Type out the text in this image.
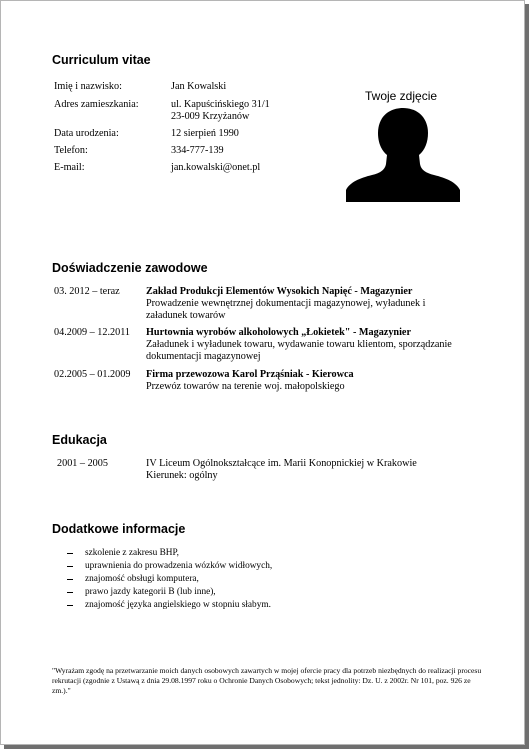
Curriculum vitae
Imię i nazwisko:	Jan Kowalski
Adres zamieszkania:	ul. Kapuścińskiego 31/1
23-009 Krzyżanów
Data urodzenia:	12 sierpień 1990
Telefon:	334-777-139
E-mail:	jan.kowalski@onet.pl
Twoje zdjęcie
Doświadczenie zawodowe
03. 2012 – teraz	Zakład Produkcji Elementów Wysokich Napięć - Magazynier
Prowadzenie wewnętrznej dokumentacji magazynowej, wyładunek i
załadunek towarów
04.2009 – 12.2011 Hurtownia wyrobów alkoholowych „Łokietek" - Magazynier
Załadunek i wyładunek towaru, wydawanie towaru klientom, sporządzanie
dokumentacji magazynowej
02.2005 – 01.2009 Firma przewozowa Karol Prząśniak - Kierowca
Przewóz towarów na terenie woj. małopolskiego
Edukacja
2001 – 2005	IV Liceum Ogólnokształcące im. Marii Konopnickiej w Krakowie
Kierunek: ogólny
Dodatkowe informacje
szkolenie z zakresu BHP,
uprawnienia do prowadzenia wózków widłowych,
znajomość obsługi komputera,
prawo jazdy kategorii B (lub inne),
znajomość języka angielskiego w stopniu słabym.
"Wyrażam zgodę na przetwarzanie moich danych osobowych zawartych w mojej ofercie pracy dla potrzeb niezbędnych do realizacji procesu rekrutacji (zgodnie z Ustawą z dnia 29.08.1997 roku o Ochronie Danych Osobowych; tekst jednolity: Dz. U. z 2002r. Nr 101, poz. 926 ze zm.)."
